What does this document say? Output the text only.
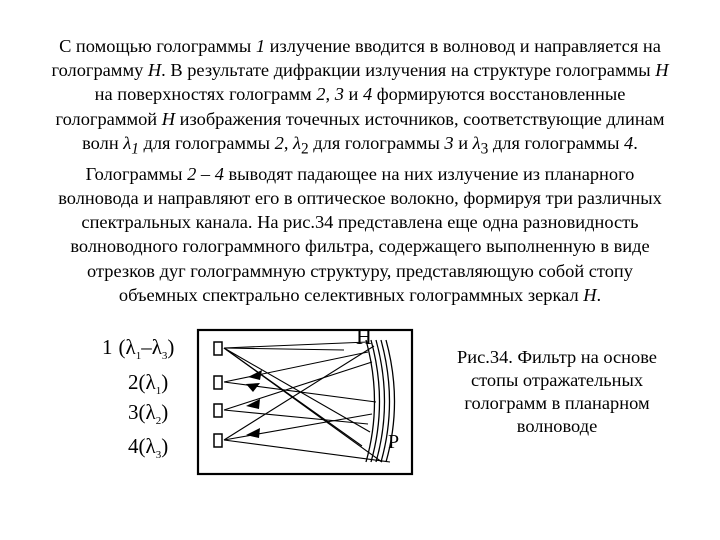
С помощью голограммы 1 излучение вводится в волновод и направляется на
голограмму Н. В результате дифракции излучения на структуре голограммы Н
на поверхностях голограмм 2, 3 и 4 формируются восстановленные
голограммой Н изображения точечных источников, соответствующие длинам
волн $\lambda_1$ для голограммы 2, $\lambda_2$ для голограммы 3 и $\lambda_3$ для голограммы 4.
Голограммы 2 – 4 выводят падающее на них излучение из планарного
волновода и направляют его в оптическое волокно, формируя три различных
спектральных канала. На рис.34 представлена еще одна разновидность
волноводного голограммного фильтра, содержащего выполненную в виде
отрезков дуг голограммную структуру, представляющую собой стопу
объемных спектрально селективных голограммных зеркал Н.
1 $(\lambda_1-\lambda_3)$
$2(\lambda_1)$
$3(\lambda_2)$
$4(\lambda_3)$
H
P
Рис.34. Фильтр на основе
стопы отражательных
голограмм в планарном
волноводе
